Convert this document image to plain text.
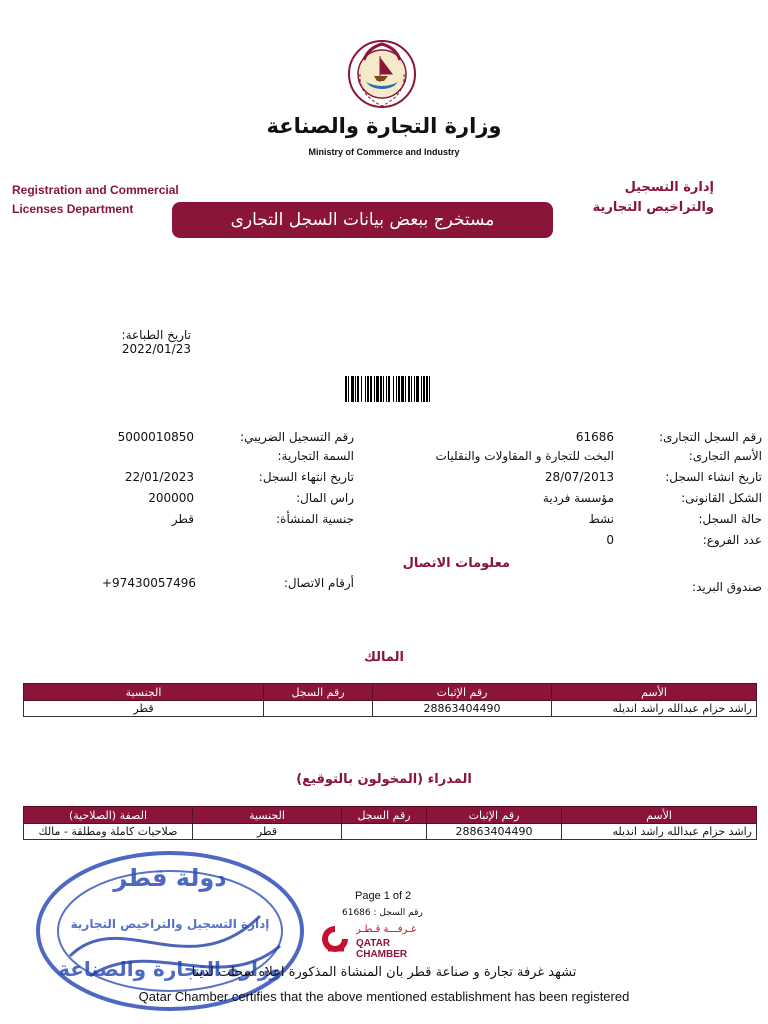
وزارة التجارة والصناعة
Ministry of Commerce and Industry
Registration and Commercial
Licenses Department
إدارة التسجيل
والتراخيص التجارية
مستخرج ببعض بيانات السجل التجارى
تاريخ الطباعة: 2022/01/23
رقم السجل التجارى:
61686
الأسم التجارى:
البخت للتجارة و المقاولات والنقليات
تاريخ انشاء السجل:
28/07/2013
الشكل القانونى:
مؤسسة فردية
حالة السجل:
نشط
عدد الفروع:
0
رقم التسجيل الضريبي:
5000010850
السمة التجارية:
تاريخ انتهاء السجل:
22/01/2023
راس المال:
200000
جنسية المنشأة:
قطر
معلومات الاتصال
صندوق البريد:
أرقام الاتصال:
+97430057496
المالك
الأسم	رقم الإثبات	رقم السجل	الجنسية
راشد حزام عبدالله راشد انديله	28863404490		قطر
المدراء (المخولون بالتوقيع)
الأسم	رقم الإثبات	رقم السجل	الجنسية	الصفة (الصلاحية)
راشد حزام عبدالله راشد انديله	28863404490		قطر	صلاحيات كاملة ومطلقة - مالك
دولة قطر
إدارة التسجيل والتراخيص التجارية
وزارة التجارة والصناعة
Page 1 of 2
رقم السجل : 61686
غـرفـــة قـطـر
QATAR CHAMBER
تشهد غرفة تجارة و صناعة قطر بان المنشاة المذكورة اعلاه سجلت لدينا
Qatar Chamber certifies that the above mentioned establishment has been registered
